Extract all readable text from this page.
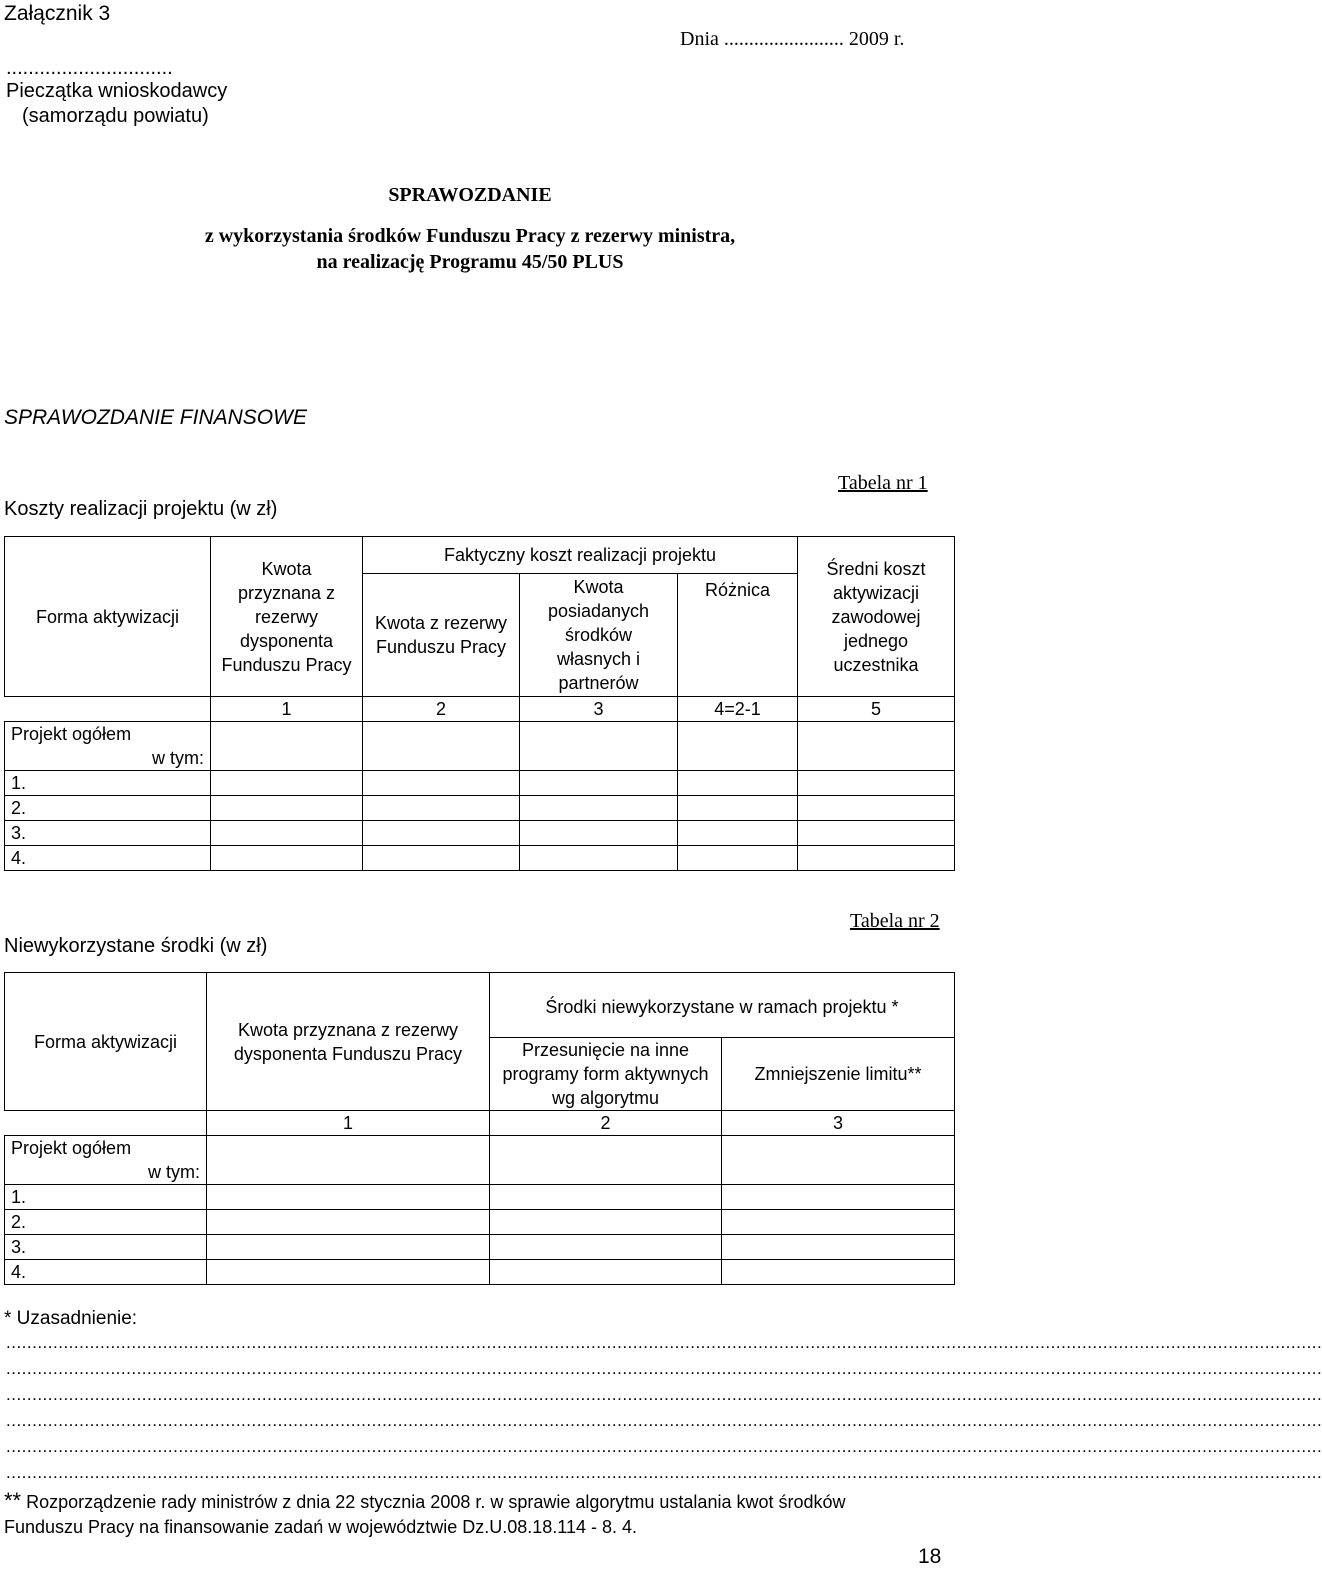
Załącznik 3
..............................
Pieczątka wnioskodawcy
(samorządu powiatu)
Dnia ........................ 2009 r.
SPRAWOZDANIE
z wykorzystania środków Funduszu Pracy z rezerwy ministra,
na realizację Programu 45/50 PLUS
SPRAWOZDANIE FINANSOWE
Koszty realizacji projektu (w zł)
Tabela nr 1
Forma aktywizacji	Kwota przyznana z rezerwy dysponenta Funduszu Pracy	Faktyczny koszt realizacji projektu			Średni koszt aktywizacji zawodowej jednego uczestnika
		Kwota z rezerwy Funduszu Pracy	Kwota posiadanych środków własnych i partnerów	Różnica	
	1	2	3	4=2-1	5

Projekt ogółem
w tym:					

1.					
2.					
3.					
4.					
Niewykorzystane środki (w zł)
Tabela nr 2
Forma aktywizacji	Kwota przyznana z rezerwy dysponenta Funduszu Pracy	Środki niewykorzystane w ramach projektu *	
		Przesunięcie na inne programy form aktywnych wg algorytmu	Zmniejszenie limitu**
	1	2	3

Projekt ogółem
w tym:			

1.			
2.			
3.			
4.			
* Uzasadnienie:
............................................................................................................................................................................................................................................................
............................................................................................................................................................................................................................................................
............................................................................................................................................................................................................................................................
............................................................................................................................................................................................................................................................
............................................................................................................................................................................................................................................................
............................................................................................................................................................................................................................................................
** Rozporządzenie rady ministrów z dnia 22 stycznia 2008 r. w sprawie algorytmu ustalania kwot środków
Funduszu Pracy na finansowanie zadań w województwie Dz.U.08.18.114 - 8. 4.
18
